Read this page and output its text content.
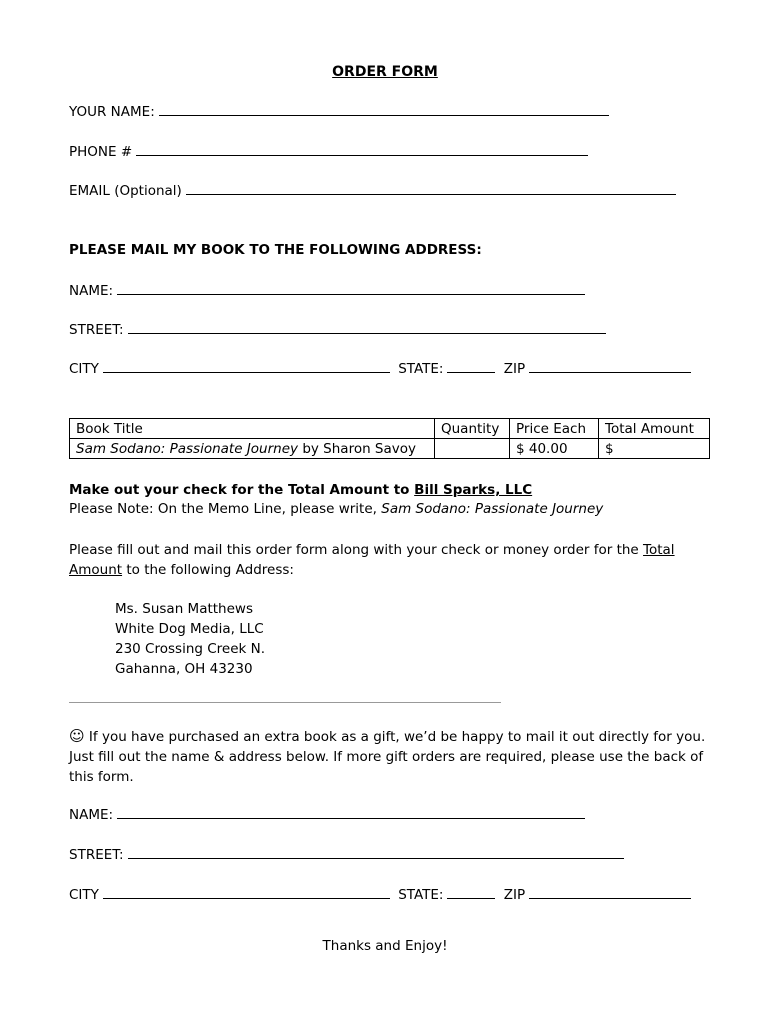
ORDER FORM
YOUR NAME:
PHONE #
EMAIL (Optional)
PLEASE MAIL MY BOOK TO THE FOLLOWING ADDRESS:
NAME:
STREET:
CITY	STATE:	ZIP
Book Title	Quantity	Price Each	Total Amount
Sam Sodano: Passionate Journey by Sharon Savoy		$ 40.00	$
Make out your check for the Total Amount to Bill Sparks, LLC
Please Note: On the Memo Line, please write, Sam Sodano: Passionate Journey
Please fill out and mail this order form along with your check or money order for the Total Amount to the following Address:
Ms. Susan Matthews
White Dog Media, LLC
230 Crossing Creek N.
Gahanna, OH 43230
☺ If you have purchased an extra book as a gift, we’d be happy to mail it out directly for you. Just fill out the name & address below. If more gift orders are required, please use the back of this form.
NAME:
STREET:
CITY	STATE:	ZIP
Thanks and Enjoy!
